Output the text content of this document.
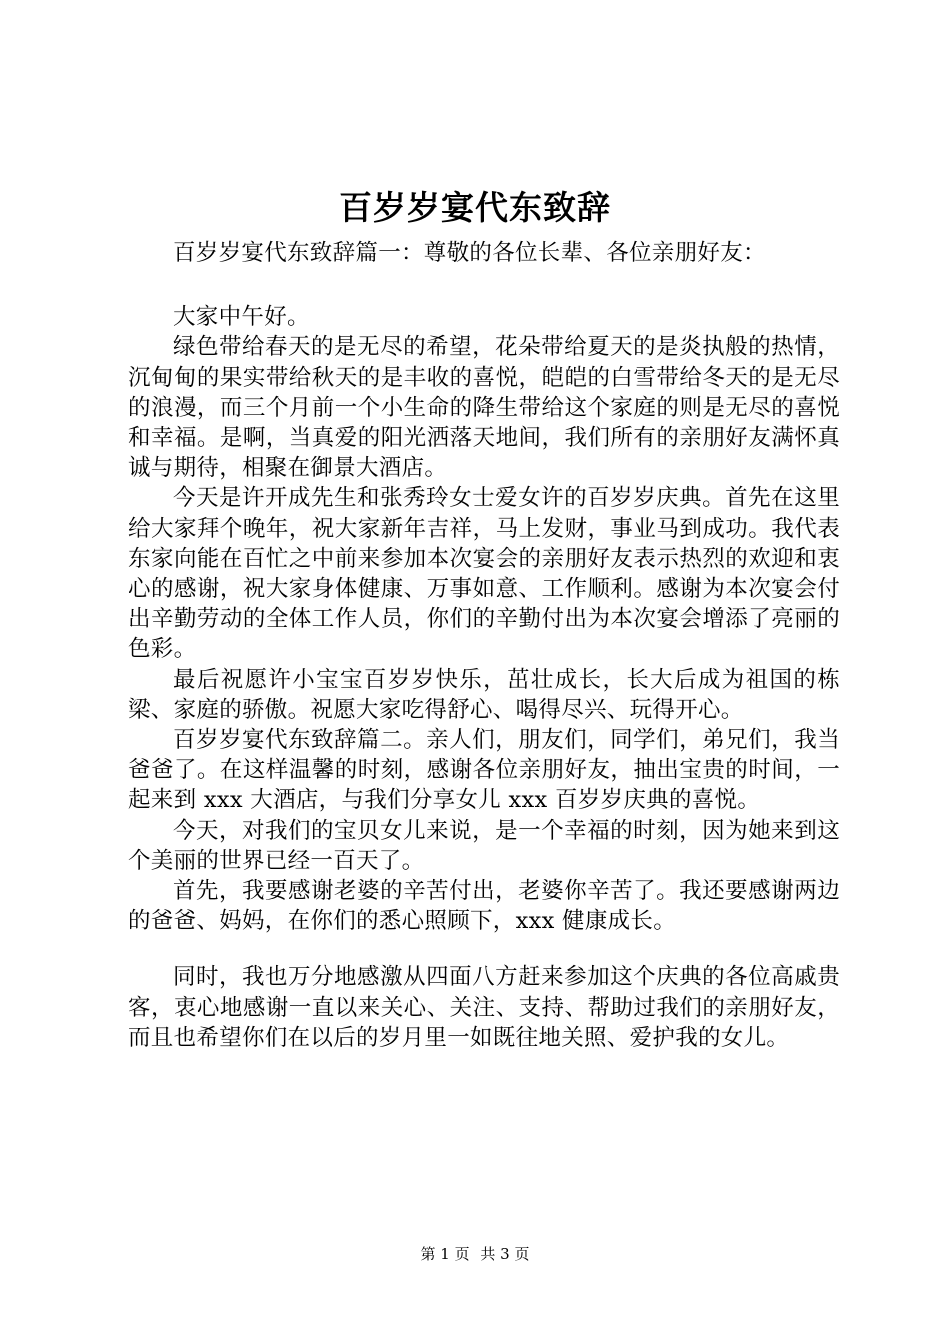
百岁岁宴代东致辞

百岁岁宴代东致辞篇一：尊敬的各位长辈、各位亲朋好友：

大家中午好。

绿色带给春天的是无尽的希望，花朵带给夏天的是炎执般的热情，沉甸甸的果实带给秋天的是丰收的喜悦，皑皑的白雪带给冬天的是无尽的浪漫，而三个月前一个小生命的降生带给这个家庭的则是无尽的喜悦和幸福。是啊，当真爱的阳光洒落天地间，我们所有的亲朋好友满怀真诚与期待，相聚在御景大酒店。

今天是许开成先生和张秀玲女士爱女许的百岁岁庆典。首先在这里给大家拜个晚年，祝大家新年吉祥，马上发财，事业马到成功。我代表东家向能在百忙之中前来参加本次宴会的亲朋好友表示热烈的欢迎和衷心的感谢，祝大家身体健康、万事如意、工作顺利。感谢为本次宴会付出辛勤劳动的全体工作人员，你们的辛勤付出为本次宴会增添了亮丽的色彩。

最后祝愿许小宝宝百岁岁快乐，茁壮成长，长大后成为祖国的栋梁、家庭的骄傲。祝愿大家吃得舒心、喝得尽兴、玩得开心。

百岁岁宴代东致辞篇二。亲人们，朋友们，同学们，弟兄们，我当爸爸了。在这样温馨的时刻，感谢各位亲朋好友，抽出宝贵的时间，一起来到 xxx 大酒店，与我们分享女儿 xxx 百岁岁庆典的喜悦。

今天，对我们的宝贝女儿来说，是一个幸福的时刻，因为她来到这个美丽的世界已经一百天了。

首先，我要感谢老婆的辛苦付出，老婆你辛苦了。我还要感谢两边的爸爸、妈妈，在你们的悉心照顾下，xxx 健康成长。

同时，我也万分地感激从四面八方赶来参加这个庆典的各位高戚贵客，衷心地感谢一直以来关心、关注、支持、帮助过我们的亲朋好友，而且也希望你们在以后的岁月里一如既往地关照、爱护我的女儿。

第 1 页 共 3 页
